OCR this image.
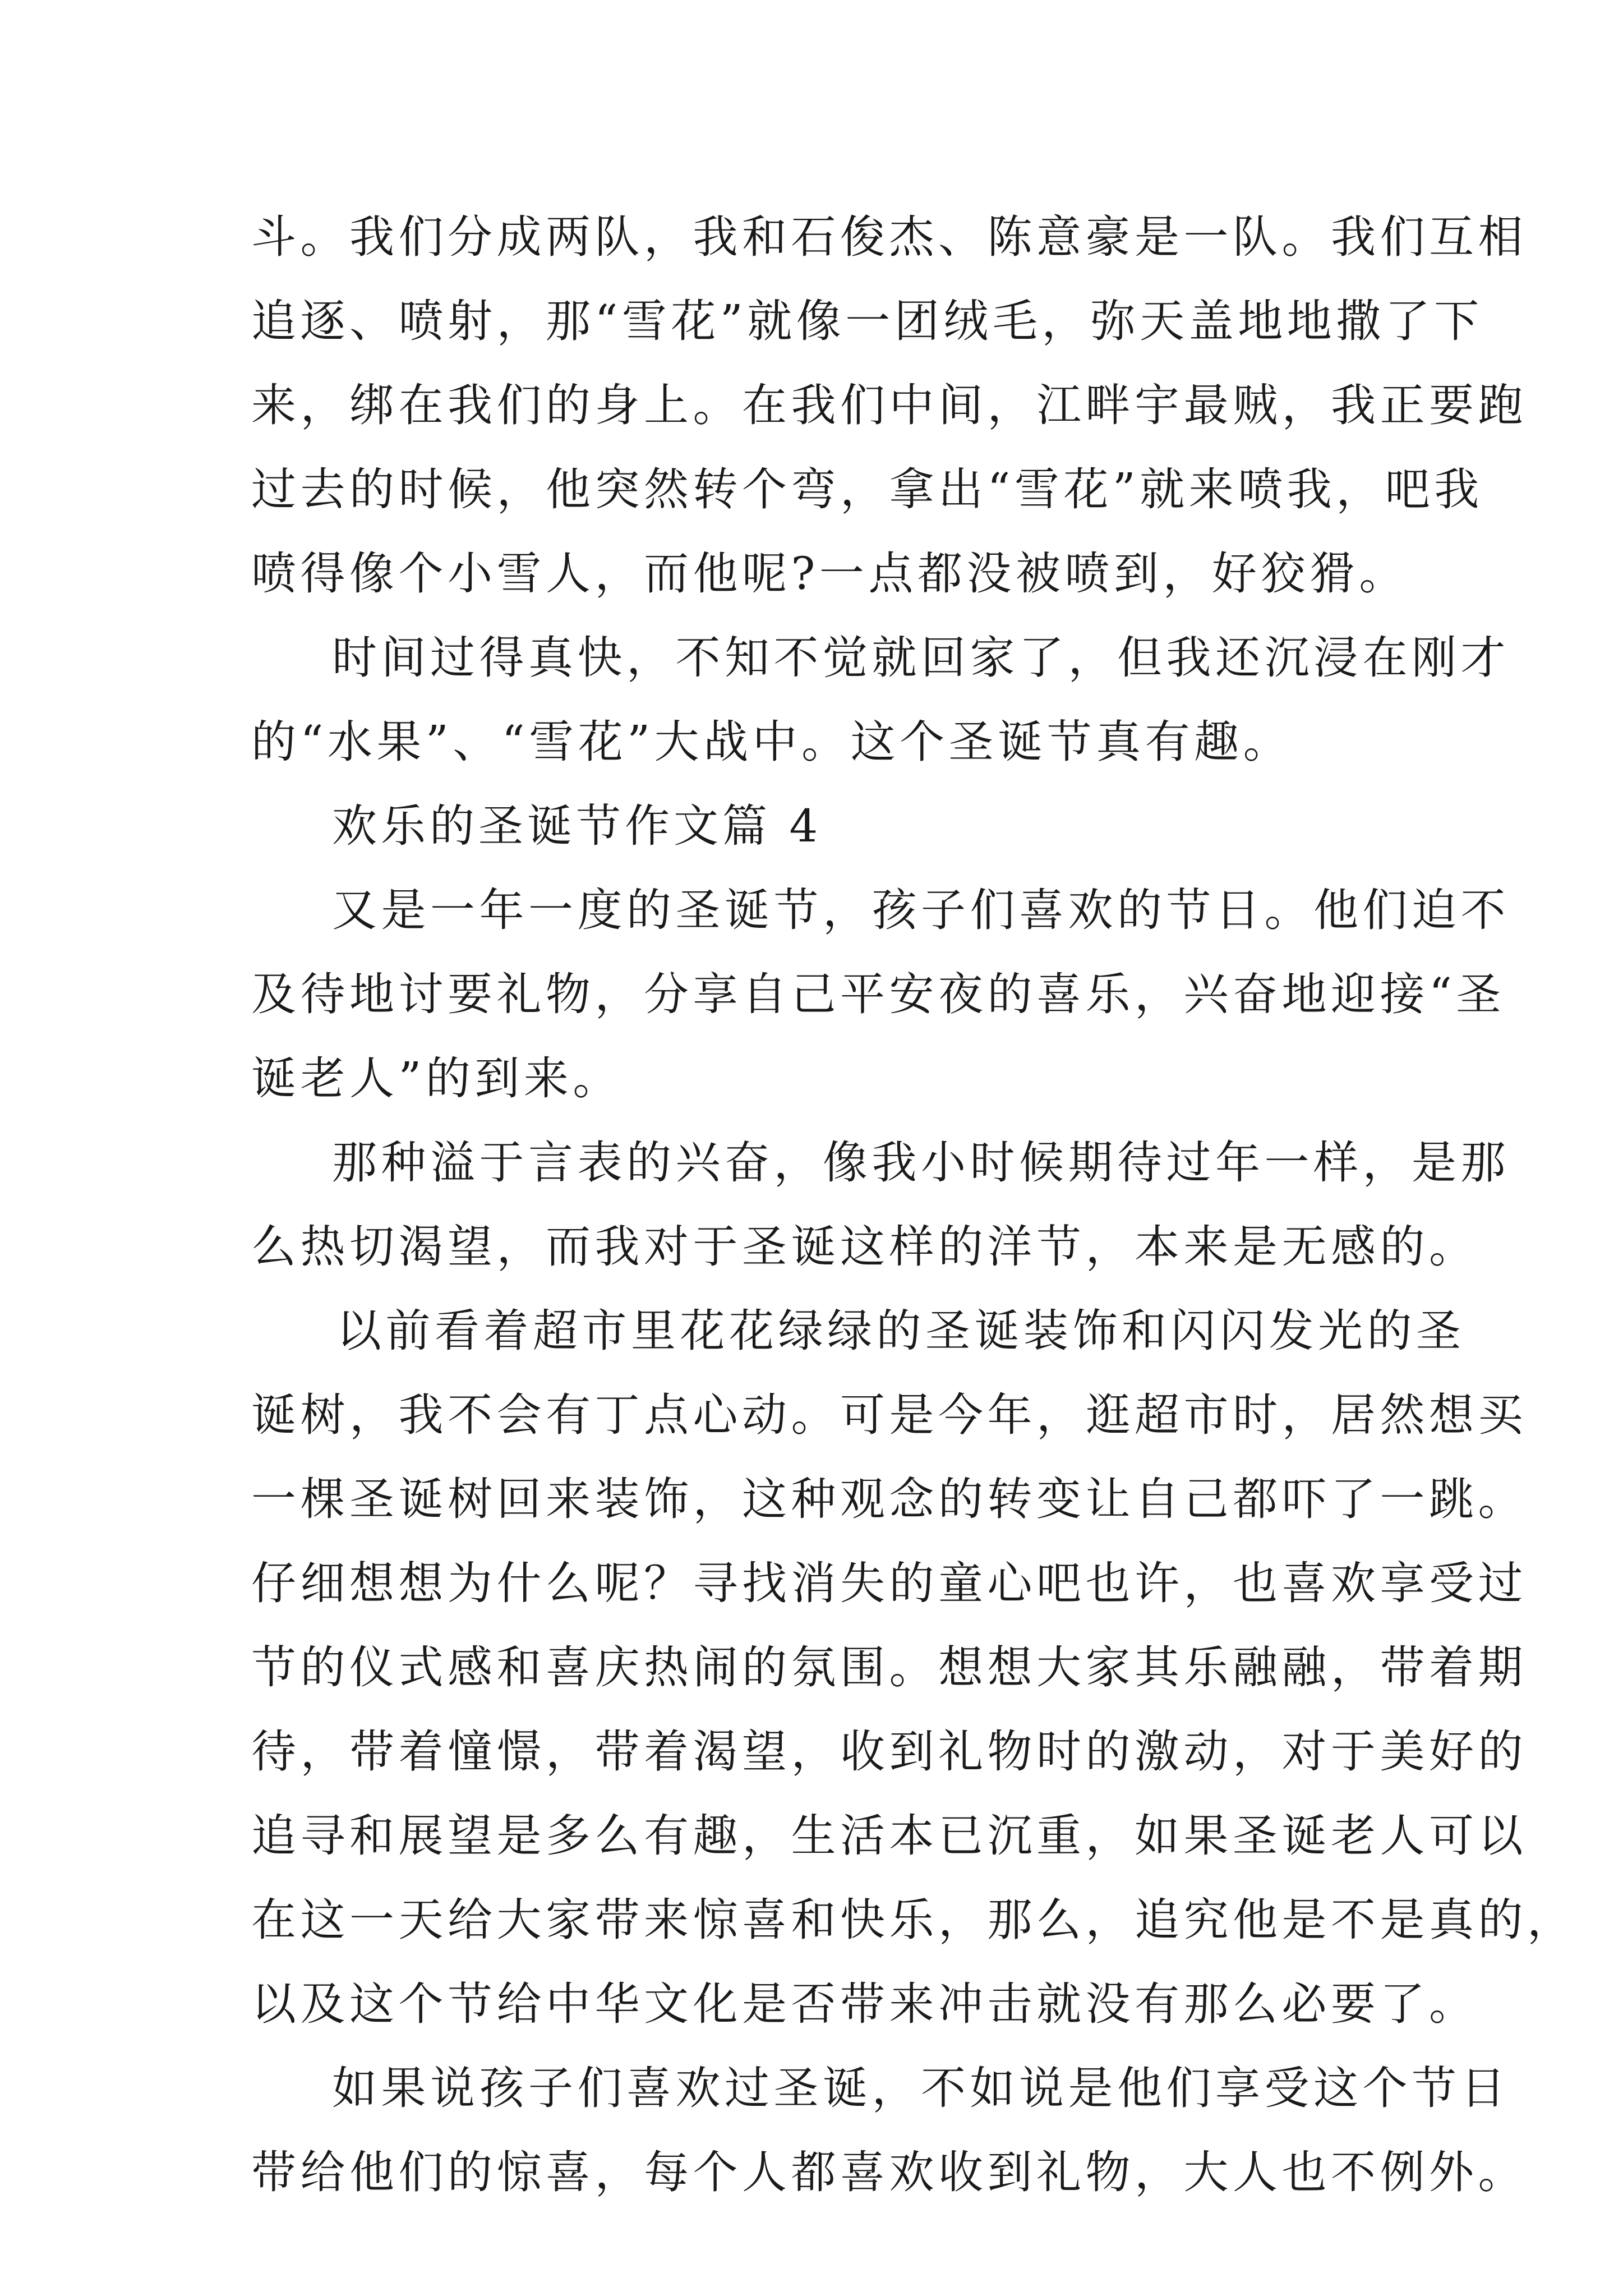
斗。我们分成两队，我和石俊杰、陈意豪是一队。我们互相
追逐、喷射，那“雪花”就像一团绒毛，弥天盖地地撒了下
来，绑在我们的身上。在我们中间，江畔宇最贼，我正要跑
过去的时候，他突然转个弯，拿出“雪花”就来喷我，吧我
喷得像个小雪人，而他呢?一点都没被喷到，好狡猾。
时间过得真快，不知不觉就回家了，但我还沉浸在刚才
的“水果”、“雪花”大战中。这个圣诞节真有趣。
欢乐的圣诞节作文篇 4
又是一年一度的圣诞节，孩子们喜欢的节日。他们迫不
及待地讨要礼物，分享自己平安夜的喜乐，兴奋地迎接“圣
诞老人”的到来。
那种溢于言表的兴奋，像我小时候期待过年一样，是那
么热切渴望，而我对于圣诞这样的洋节，本来是无感的。
以前看着超市里花花绿绿的圣诞装饰和闪闪发光的圣
诞树，我不会有丁点心动。可是今年，逛超市时，居然想买
一棵圣诞树回来装饰，这种观念的转变让自己都吓了一跳。
仔细想想为什么呢？寻找消失的童心吧也许，也喜欢享受过
节的仪式感和喜庆热闹的氛围。想想大家其乐融融，带着期
待，带着憧憬，带着渴望，收到礼物时的激动，对于美好的
追寻和展望是多么有趣，生活本已沉重，如果圣诞老人可以
在这一天给大家带来惊喜和快乐，那么，追究他是不是真的，
以及这个节给中华文化是否带来冲击就没有那么必要了。
如果说孩子们喜欢过圣诞，不如说是他们享受这个节日
带给他们的惊喜，每个人都喜欢收到礼物，大人也不例外。
